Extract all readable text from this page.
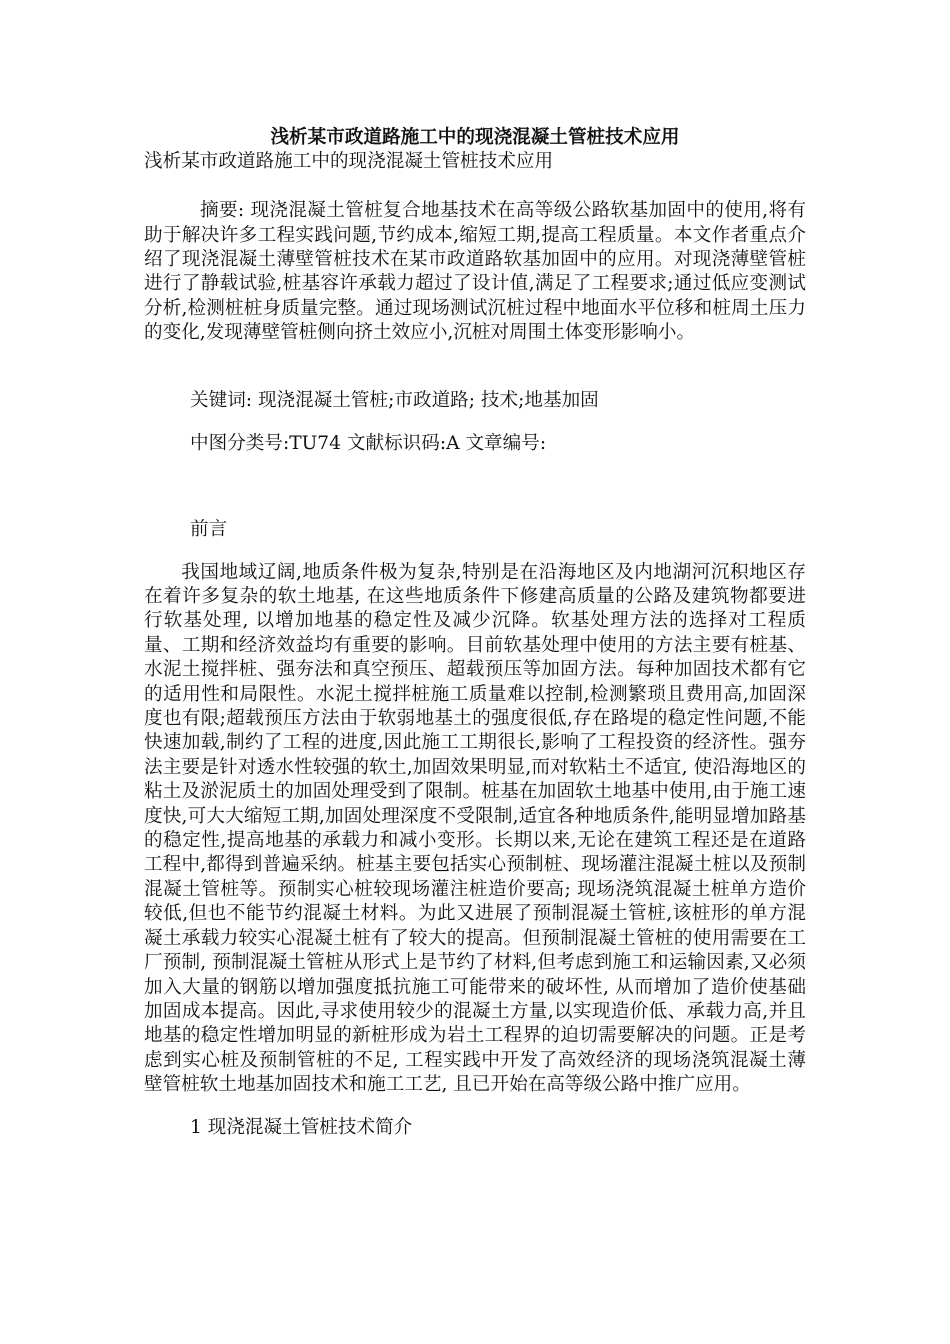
浅析某市政道路施工中的现浇混凝土管桩技术应用

浅析某市政道路施工中的现浇混凝土管桩技术应用

摘要: 现浇混凝土管桩复合地基技术在高等级公路软基加固中的使用,将有助于解决许多工程实践问题,节约成本,缩短工期,提高工程质量。本文作者重点介绍了现浇混凝土薄壁管桩技术在某市政道路软基加固中的应用。对现浇薄壁管桩进行了静载试验,桩基容许承载力超过了设计值,满足了工程要求;通过低应变测试分析,检测桩桩身质量完整。通过现场测试沉桩过程中地面水平位移和桩周土压力的变化,发现薄壁管桩侧向挤土效应小,沉桩对周围土体变形影响小。

关键词: 现浇混凝土管桩;市政道路; 技术;地基加固

中图分类号:TU74 文献标识码:A 文章编号:

前言

我国地域辽阔,地质条件极为复杂,特别是在沿海地区及内地湖河沉积地区存在着许多复杂的软土地基, 在这些地质条件下修建高质量的公路及建筑物都要进行软基处理, 以增加地基的稳定性及减少沉降。软基处理方法的选择对工程质量、工期和经济效益均有重要的影响。目前软基处理中使用的方法主要有桩基、水泥土搅拌桩、强夯法和真空预压、超载预压等加固方法。每种加固技术都有它的适用性和局限性。水泥土搅拌桩施工质量难以控制,检测繁琐且费用高,加固深度也有限;超载预压方法由于软弱地基土的强度很低,存在路堤的稳定性问题,不能快速加载,制约了工程的进度,因此施工工期很长,影响了工程投资的经济性。强夯法主要是针对透水性较强的软土,加固效果明显,而对软粘土不适宜, 使沿海地区的粘土及淤泥质土的加固处理受到了限制。桩基在加固软土地基中使用,由于施工速度快,可大大缩短工期,加固处理深度不受限制,适宜各种地质条件,能明显增加路基的稳定性,提高地基的承载力和减小变形。长期以来,无论在建筑工程还是在道路工程中,都得到普遍采纳。桩基主要包括实心预制桩、现场灌注混凝土桩以及预制混凝土管桩等。预制实心桩较现场灌注桩造价要高; 现场浇筑混凝土桩单方造价较低,但也不能节约混凝土材料。为此又进展了预制混凝土管桩,该桩形的单方混凝土承载力较实心混凝土桩有了较大的提高。但预制混凝土管桩的使用需要在工厂预制, 预制混凝土管桩从形式上是节约了材料,但考虑到施工和运输因素,又必须加入大量的钢筋以增加强度抵抗施工可能带来的破坏性, 从而增加了造价使基础加固成本提高。因此,寻求使用较少的混凝土方量,以实现造价低、承载力高,并且地基的稳定性增加明显的新桩形成为岩土工程界的迫切需要解决的问题。正是考虑到实心桩及预制管桩的不足, 工程实践中开发了高效经济的现场浇筑混凝土薄壁管桩软土地基加固技术和施工工艺, 且已开始在高等级公路中推广应用。

1 现浇混凝土管桩技术简介
